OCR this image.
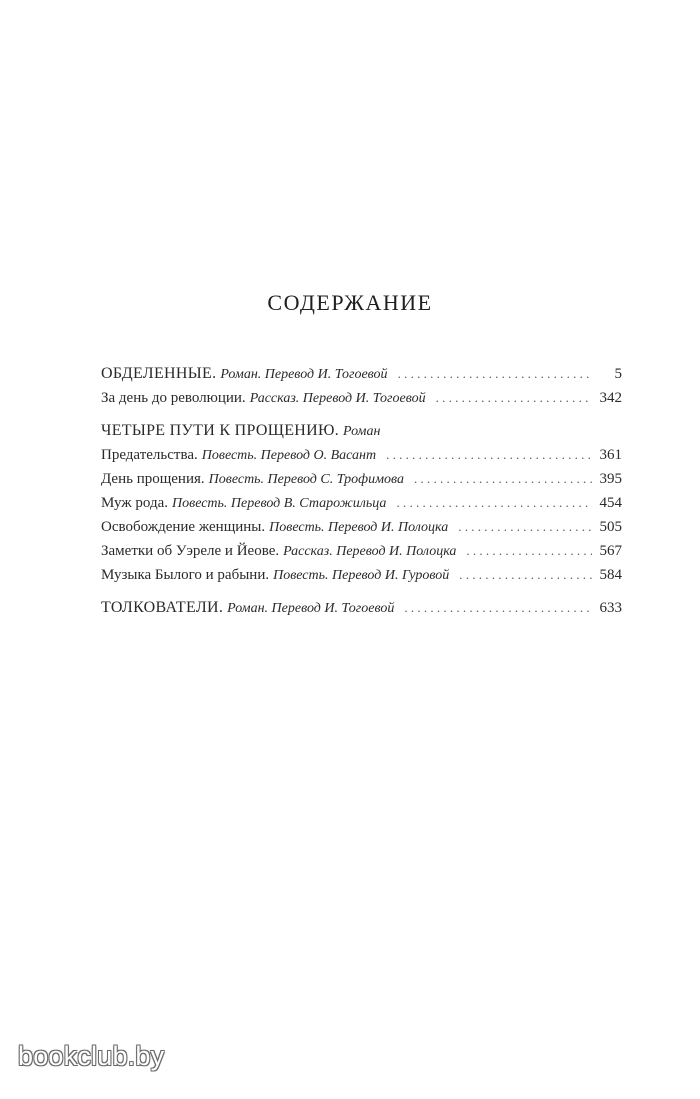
СОДЕРЖАНИЕ
ОБДЕЛЕННЫЕ. Роман. Перевод И. Тогоевой . . .	5
За день до революции. Рассказ. Перевод И. Тогоевой . . .	342
ЧЕТЫРЕ ПУТИ К ПРОЩЕНИЮ. Роман
Предательства. Повесть. Перевод О. Васант . . .	361
День прощения. Повесть. Перевод С. Трофимова . . .	395
Муж рода. Повесть. Перевод В. Старожильца . . .	454
Освобождение женщины. Повесть. Перевод И. Полоцка . . .	505
Заметки об Уэреле и Йеове. Рассказ. Перевод И. Полоцка . . .	567
Музыка Былого и рабыни. Повесть. Перевод И. Гуровой . . .	584
ТОЛКОВАТЕЛИ. Роман. Перевод И. Тогоевой . . .	633
bookclub.by
